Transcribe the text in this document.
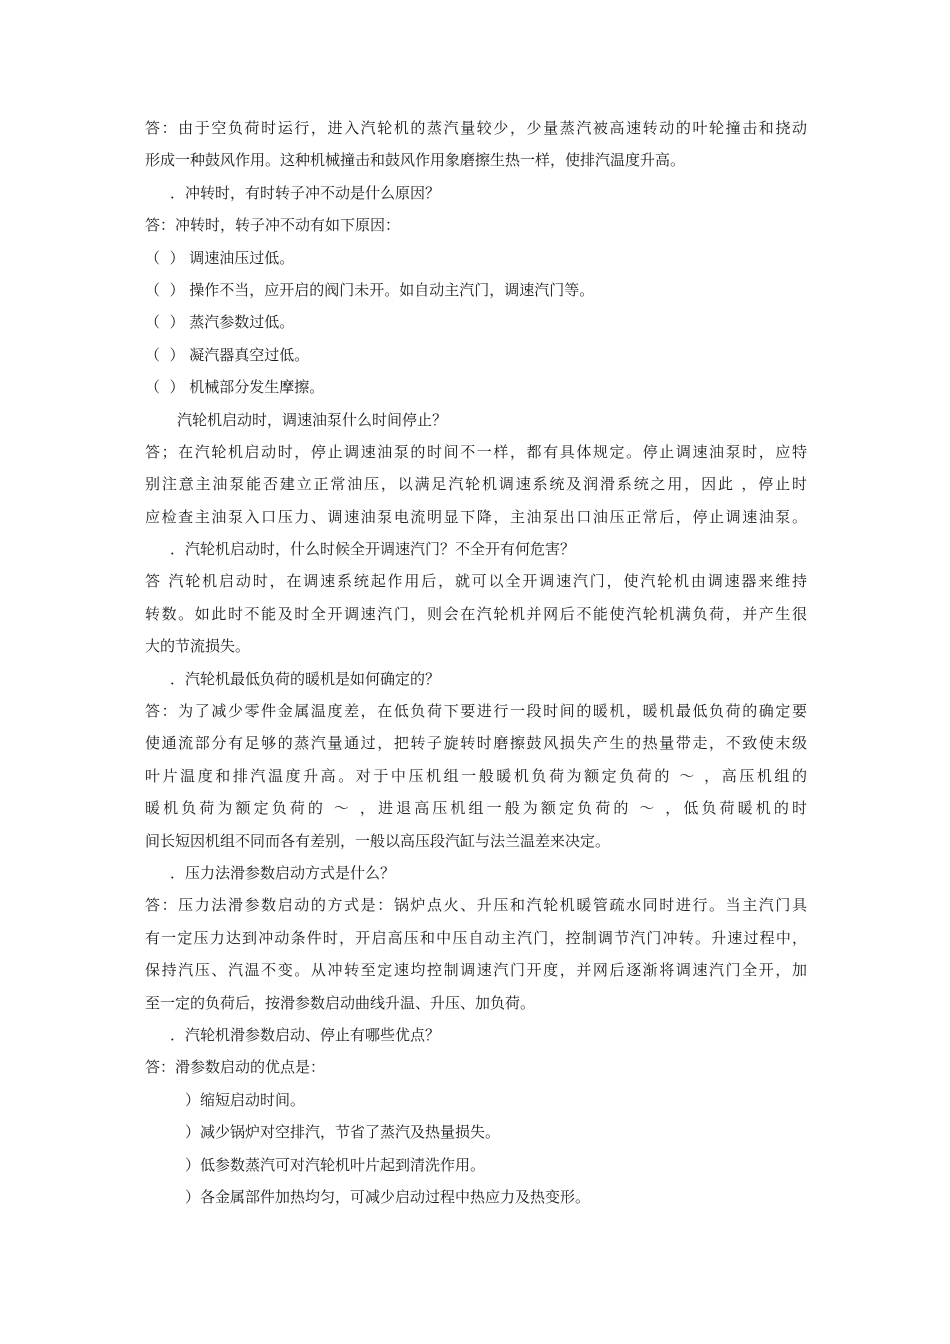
答：由于空负荷时运行，进入汽轮机的蒸汽量较少，少量蒸汽被高速转动的叶轮撞击和挠动
形成一种鼓风作用。这种机械撞击和鼓风作用象磨擦生热一样，使排汽温度升高。
．冲转时，有时转子冲不动是什么原因？
答：冲转时，转子冲不动有如下原因：
（  ） 调速油压过低。
（  ） 操作不当，应开启的阀门未开。如自动主汽门，调速汽门等。
（  ） 蒸汽参数过低。
（  ） 凝汽器真空过低。
（  ） 机械部分发生摩擦。
汽轮机启动时，调速油泵什么时间停止？
答；在汽轮机启动时，停止调速油泵的时间不一样，都有具体规定。停止调速油泵时，应特
别注意主油泵能否建立正常油压，以满足汽轮机调速系统及润滑系统之用，因此 ，停止时
应检查主油泵入口压力、调速油泵电流明显下降，主油泵出口油压正常后，停止调速油泵。
．汽轮机启动时，什么时候全开调速汽门？不全开有何危害？
答 汽轮机启动时，在调速系统起作用后，就可以全开调速汽门，使汽轮机由调速器来维持
转数。如此时不能及时全开调速汽门，则会在汽轮机并网后不能使汽轮机满负荷，并产生很
大的节流损失。
．汽轮机最低负荷的暖机是如何确定的？
答：为了减少零件金属温度差，在低负荷下要进行一段时间的暖机，暖机最低负荷的确定要
使通流部分有足够的蒸汽量通过，把转子旋转时磨擦鼓风损失产生的热量带走，不致使末级
叶片温度和排汽温度升高。对于中压机组一般暖机负荷为额定负荷的 ～ ，高压机组的
暖机负荷为额定负荷的 ～ ，进退高压机组一般为额定负荷的 ～ ，低负荷暖机的时
间长短因机组不同而各有差别，一般以高压段汽缸与法兰温差来决定。
．压力法滑参数启动方式是什么？
答：压力法滑参数启动的方式是：锅炉点火、升压和汽轮机暖管疏水同时进行。当主汽门具
有一定压力达到冲动条件时，开启高压和中压自动主汽门，控制调节汽门冲转。升速过程中，
保持汽压、汽温不变。从冲转至定速均控制调速汽门开度，并网后逐渐将调速汽门全开，加
至一定的负荷后，按滑参数启动曲线升温、升压、加负荷。
．汽轮机滑参数启动、停止有哪些优点？
答：滑参数启动的优点是：
）缩短启动时间。
）减少锅炉对空排汽，节省了蒸汽及热量损失。
）低参数蒸汽可对汽轮机叶片起到清洗作用。
）各金属部件加热均匀，可减少启动过程中热应力及热变形。
